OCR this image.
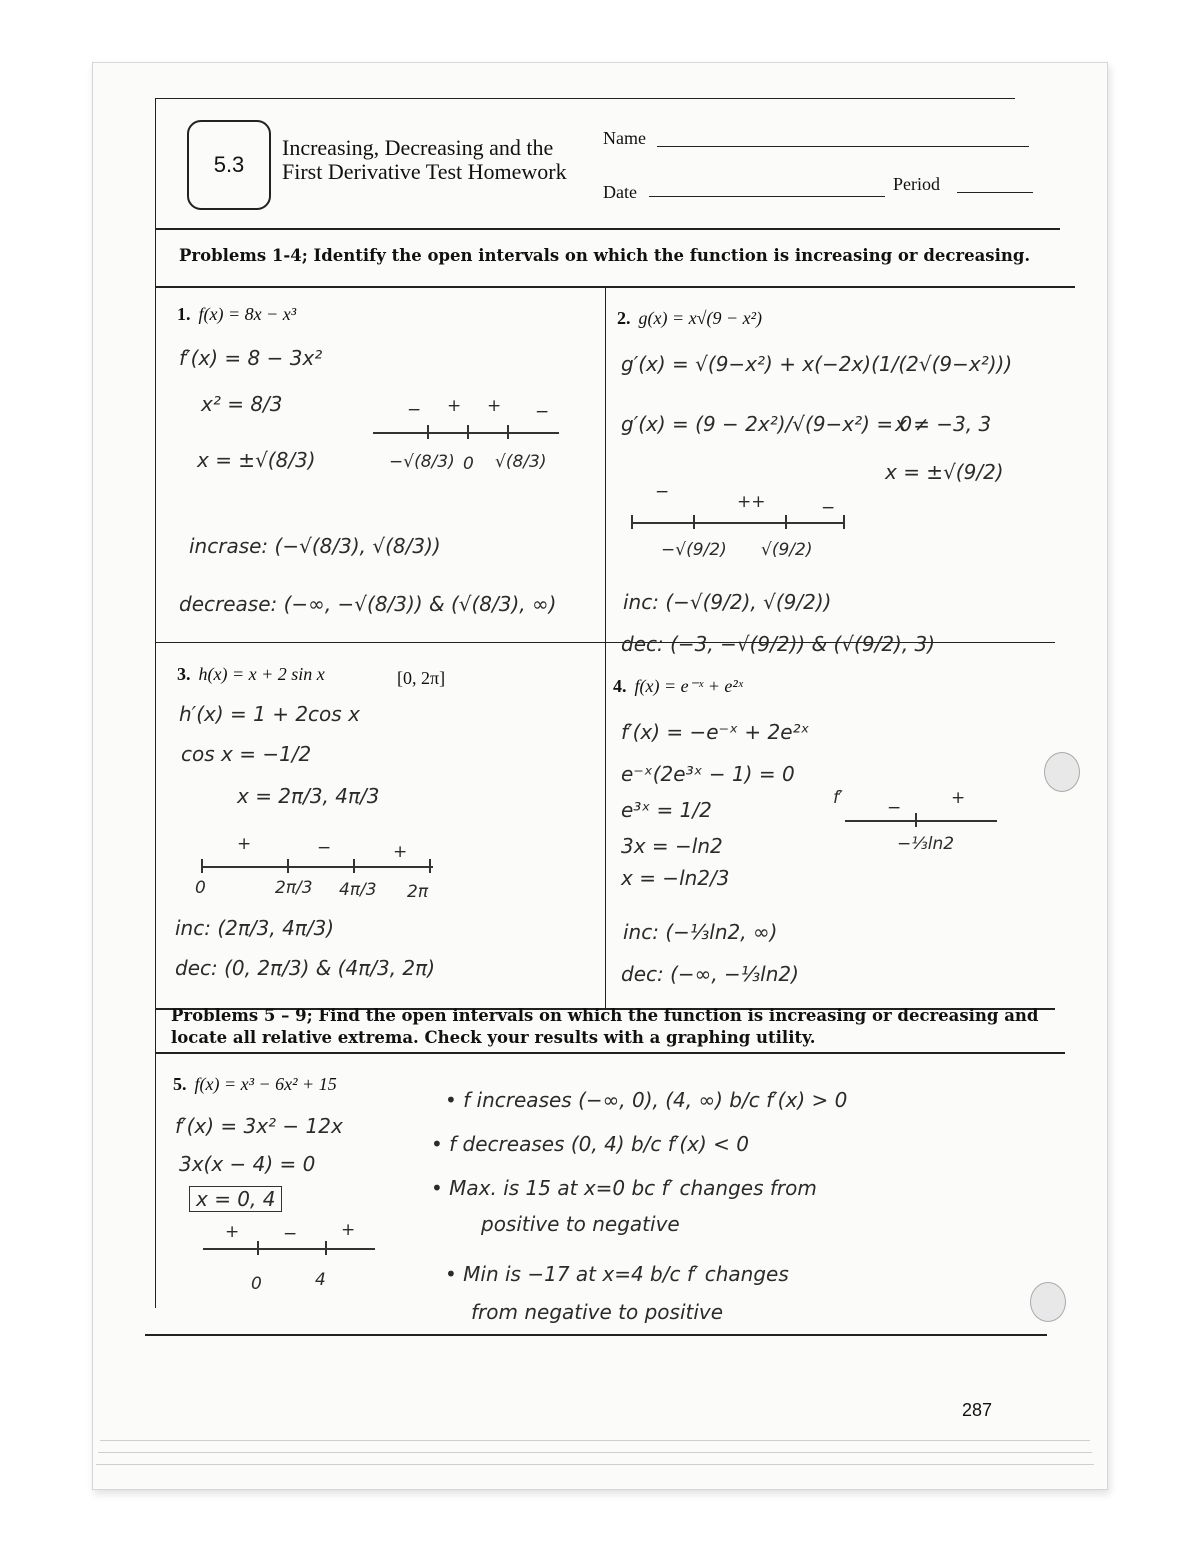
5.3
Increasing, Decreasing and the
First Derivative Test Homework
Name
Date	Period
Problems 1-4; Identify the open intervals on which the function is increasing or decreasing.
1. f(x) = 8x − x³
f′(x) = 8 − 3x²
x² = 8/3
x = ±√(8/3)
− + + −
−√(8/3) 0 √(8/3)
incrase: (−√(8/3), √(8/3))
decrease: (−∞, −√(8/3)) & (√(8/3), ∞)
2. g(x) = x√(9 − x²)
g′(x) = √(9−x²) + x(−2x)(1/(2√(9−x²)))
g′(x) = (9 − 2x²)/√(9−x²) = 0
x ≠ −3, 3
x = ±√(9/2)
−	++	−
−√(9/2) √(9/2)
inc: (−√(9/2), √(9/2))
dec: (−3, −√(9/2)) & (√(9/2), 3)
3. h(x) = x + 2 sin x	[0, 2π]
h′(x) = 1 + 2cos x
cos x = −1/2
x = 2π/3, 4π/3
+	−	+
0	2π/3 4π/3 2π
inc: (2π/3, 4π/3)
dec: (0, 2π/3) & (4π/3, 2π)
4. f(x) = e⁻ˣ + e²ˣ
f′(x) = −e⁻ˣ + 2e²ˣ
e⁻ˣ(2e³ˣ − 1) = 0
e³ˣ = 1/2
3x = −ln2
x = −ln2/3
f′	−	+
−⅓ln2
inc: (−⅓ln2, ∞)
dec: (−∞, −⅓ln2)
Problems 5 – 9; Find the open intervals on which the function is increasing or decreasing and
locate all relative extrema. Check your results with a graphing utility.
5. f(x) = x³ − 6x² + 15
f′(x) = 3x² − 12x
3x(x − 4) = 0
x = 0, 4
+	−	+
0	4
• f increases (−∞, 0), (4, ∞) b/c f′(x) > 0
• f decreases (0, 4) b/c f′(x) < 0
• Max. is 15 at x=0 bc f′ changes from
positive to negative
• Min is −17 at x=4 b/c f′ changes
from negative to positive
287
